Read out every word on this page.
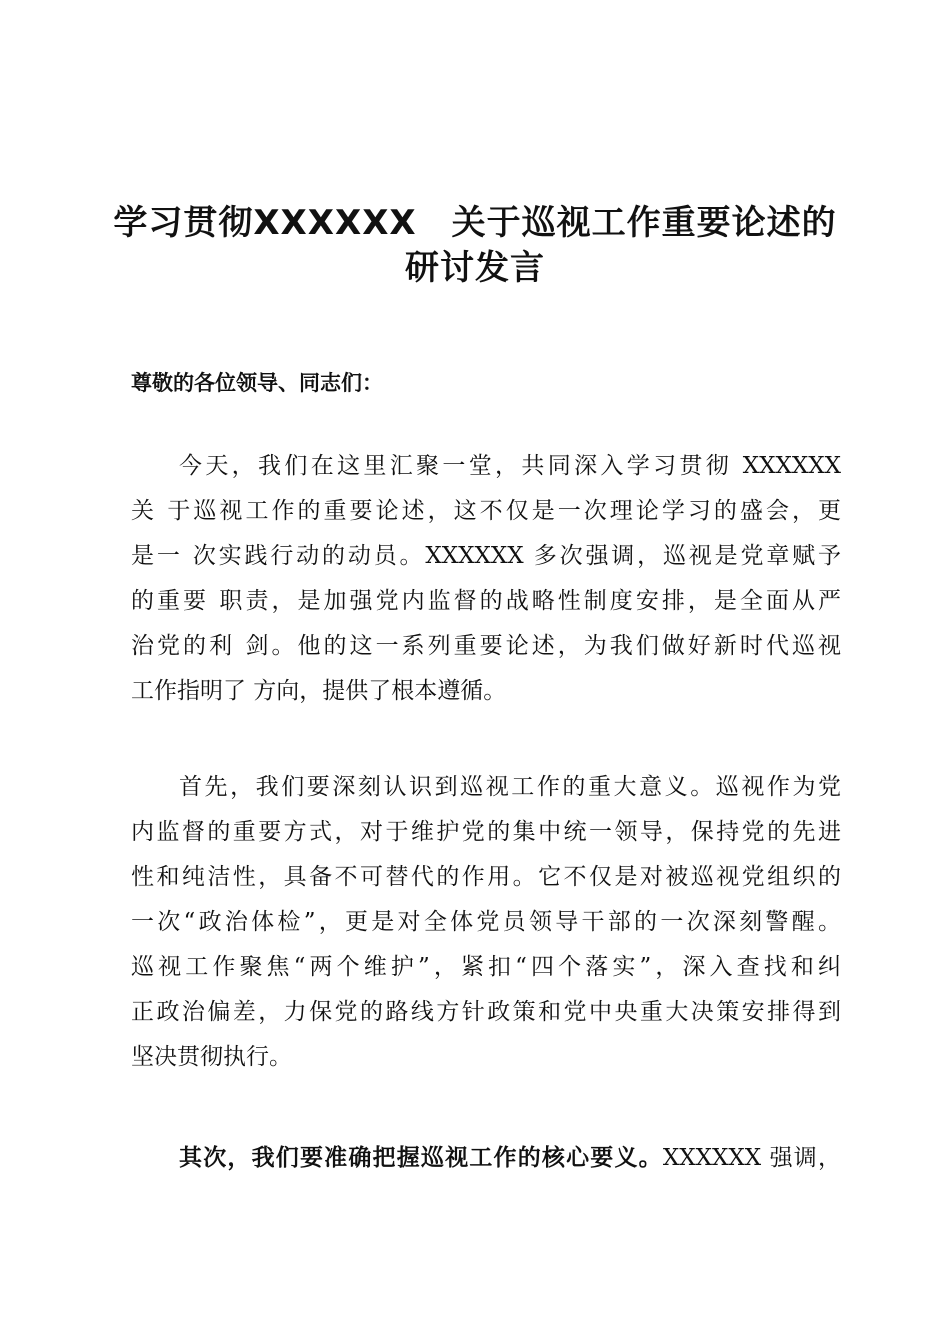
学习贯彻XXXXXX　关于巡视工作重要论述的
研讨发言

尊敬的各位领导、同志们：

今天，我们在这里汇聚一堂，共同深入学习贯彻 XXXXXX
关 于巡视工作的重要论述，这不仅是一次理论学习的盛会，更
是一 次实践行动的动员。XXXXXX 多次强调，巡视是党章赋予
的重要 职责，是加强党内监督的战略性制度安排，是全面从严
治党的利 剑。他的这一系列重要论述，为我们做好新时代巡视
工作指明了 方向，提供了根本遵循。
首先，我们要深刻认识到巡视工作的重大意义。巡视作为党
内监督的重要方式，对于维护党的集中统一领导，保持党的先进
性和纯洁性，具备不可替代的作用。它不仅是对被巡视党组织的
一次“政治体检”，更是对全体党员领导干部的一次深刻警醒。
巡视工作聚焦“两个维护”，紧扣“四个落实”，深入查找和纠
正政治偏差，力保党的路线方针政策和党中央重大决策安排得到
坚决贯彻执行。
其次，我们要准确把握巡视工作的核心要义。XXXXXX 强调，
